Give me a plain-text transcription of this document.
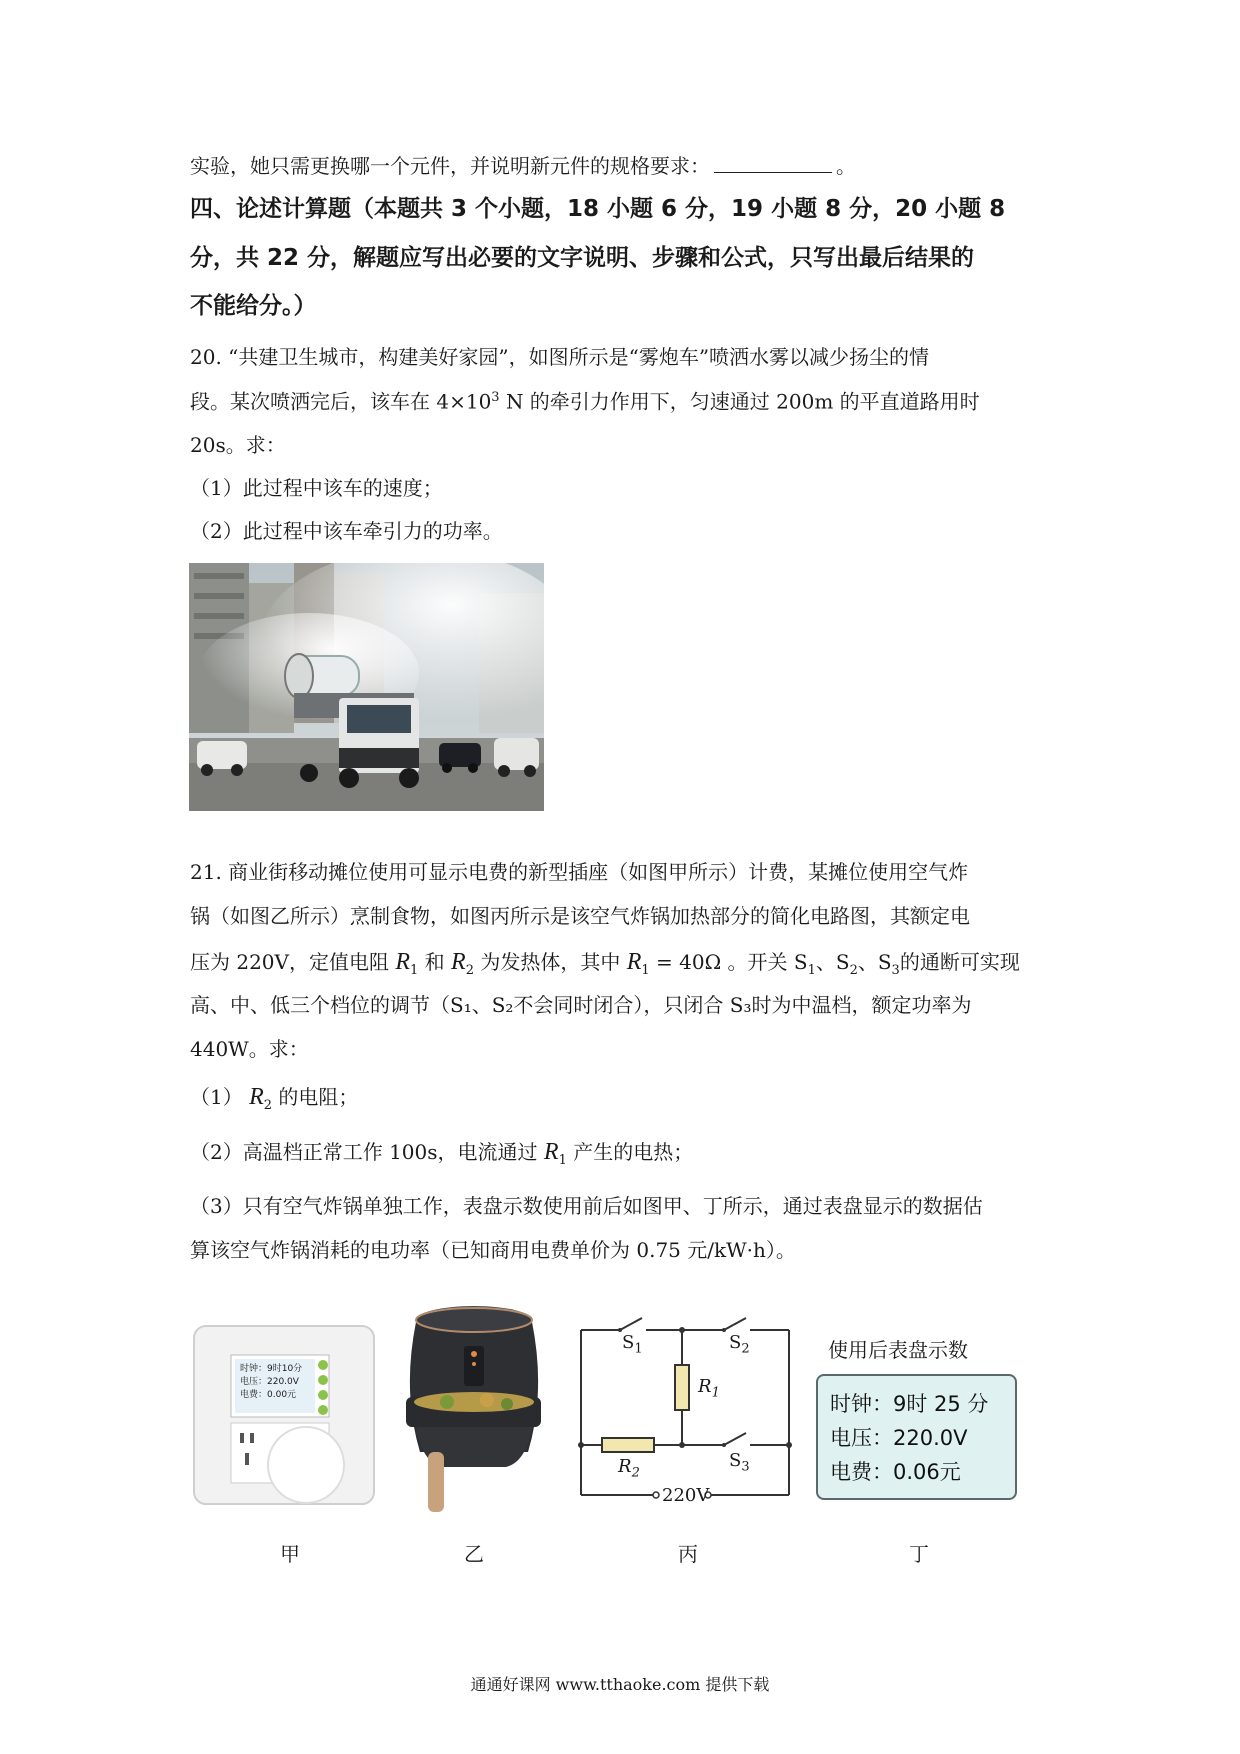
实验，她只需更换哪一个元件，并说明新元件的规格要求：	。
四、论述计算题（本题共 3 个小题，18 小题 6 分，19 小题 8 分，20 小题 8
分，共 22 分，解题应写出必要的文字说明、步骤和公式，只写出最后结果的
不能给分。）
20. “共建卫生城市，构建美好家园”，如图所示是“雾炮车”喷洒水雾以减少扬尘的情
段。某次喷洒完后，该车在 $4\times 10^3$ N 的牵引力作用下，匀速通过 200m 的平直道路用时
20s。求：
（1）此过程中该车的速度；
（2）此过程中该车牵引力的功率。
21. 商业街移动摊位使用可显示电费的新型插座（如图甲所示）计费，某摊位使用空气炸
锅（如图乙所示）烹制食物，如图丙所示是该空气炸锅加热部分的简化电路图，其额定电
压为 220V，定值电阻 $R_1$ 和 $R_2$ 为发热体，其中 $R_1 = 40\Omega$ 。开关 $S_1$、$S_2$、$S_3$的通断可实现
高、中、低三个档位的调节（S₁、S₂不会同时闭合），只闭合 S₃时为中温档，额定功率为
440W。求：
（1） $R_2$ 的电阻；
（2）高温档正常工作 100s，电流通过 $R_1$ 产生的电热；
（3）只有空气炸锅单独工作，表盘示数使用前后如图甲、丁所示，通过表盘显示的数据估
算该空气炸锅消耗的电功率（已知商用电费单价为 0.75 元/kW·h）。
时钟：9时10分
电压：220.0V
电费：0.00元
$S_1$	$S_2$
$R_1$
$R_2$
$S_3$
220V
使用后表盘示数
时钟：9时 25 分
电压：220.0V
电费：0.06元
甲	乙	丙	丁
通通好课网 www.tthaoke.com 提供下载
